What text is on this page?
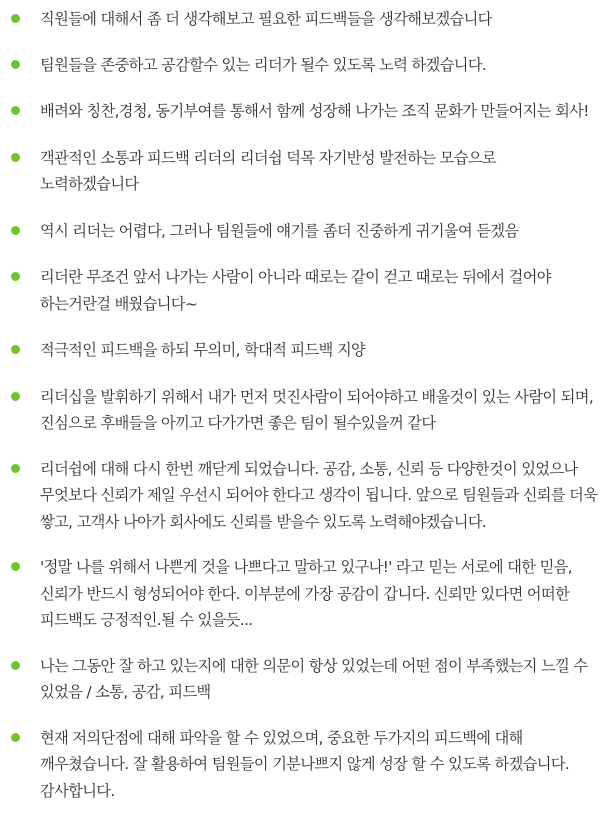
직원들에 대해서 좀 더 생각해보고 필요한 피드백들을 생각해보겠습니다
팀원들을 존중하고 공감할수 있는 리더가 될수 있도록 노력 하겠습니다.
배려와 칭찬,경청, 동기부여를 통해서 함께 성장해 나가는 조직 문화가 만들어지는 회사!
객관적인 소통과 피드백 리더의 리더쉽 덕목 자기반성 발전하는 모습으로 노력하겠습니다
역시 리더는 어렵다, 그러나 팀원들에 얘기를 좀더 진중하게 귀기울여 듣겠음
리더란 무조건 앞서 나가는 사람이 아니라 때로는 같이 걷고 때로는 뒤에서 걸어야 하는거란걸 배웠습니다~
적극적인 피드백을 하되 무의미, 학대적 피드백 지양
리더십을 발휘하기 위해서 내가 먼저 멋진사람이 되어야하고 배울것이 있는 사람이 되며, 진심으로 후배들을 아끼고 다가가면 좋은 팀이 될수있을꺼 같다
리더쉽에 대해 다시 한번 깨닫게 되었습니다. 공감, 소통, 신뢰 등 다양한것이 있었으나 무엇보다 신뢰가 제일 우선시 되어야 한다고 생각이 됩니다. 앞으로 팀원들과 신뢰를 더욱 쌓고, 고객사 나아가 회사에도 신뢰를 받을수 있도록 노력해야겠습니다.
'정말 나를 위해서 나쁜게 것을 나쁘다고 말하고 있구나!' 라고 믿는 서로에 대한 믿음, 신뢰가 반드시 형성되어야 한다. 이부분에 가장 공감이 갑니다. 신뢰만 있다면 어떠한 피드백도 긍정적인.될 수 있을듯...
나는 그동안 잘 하고 있는지에 대한 의문이 항상 있었는데 어떤 점이 부족했는지 느낄 수 있었음 / 소통, 공감, 피드백
현재 저의단점에 대해 파악을 할 수 있었으며, 중요한 두가지의 피드백에 대해 깨우쳤습니다. 잘 활용하여 팀원들이 기분나쁘지 않게 성장 할 수 있도록 하겠습니다. 감사합니다.
